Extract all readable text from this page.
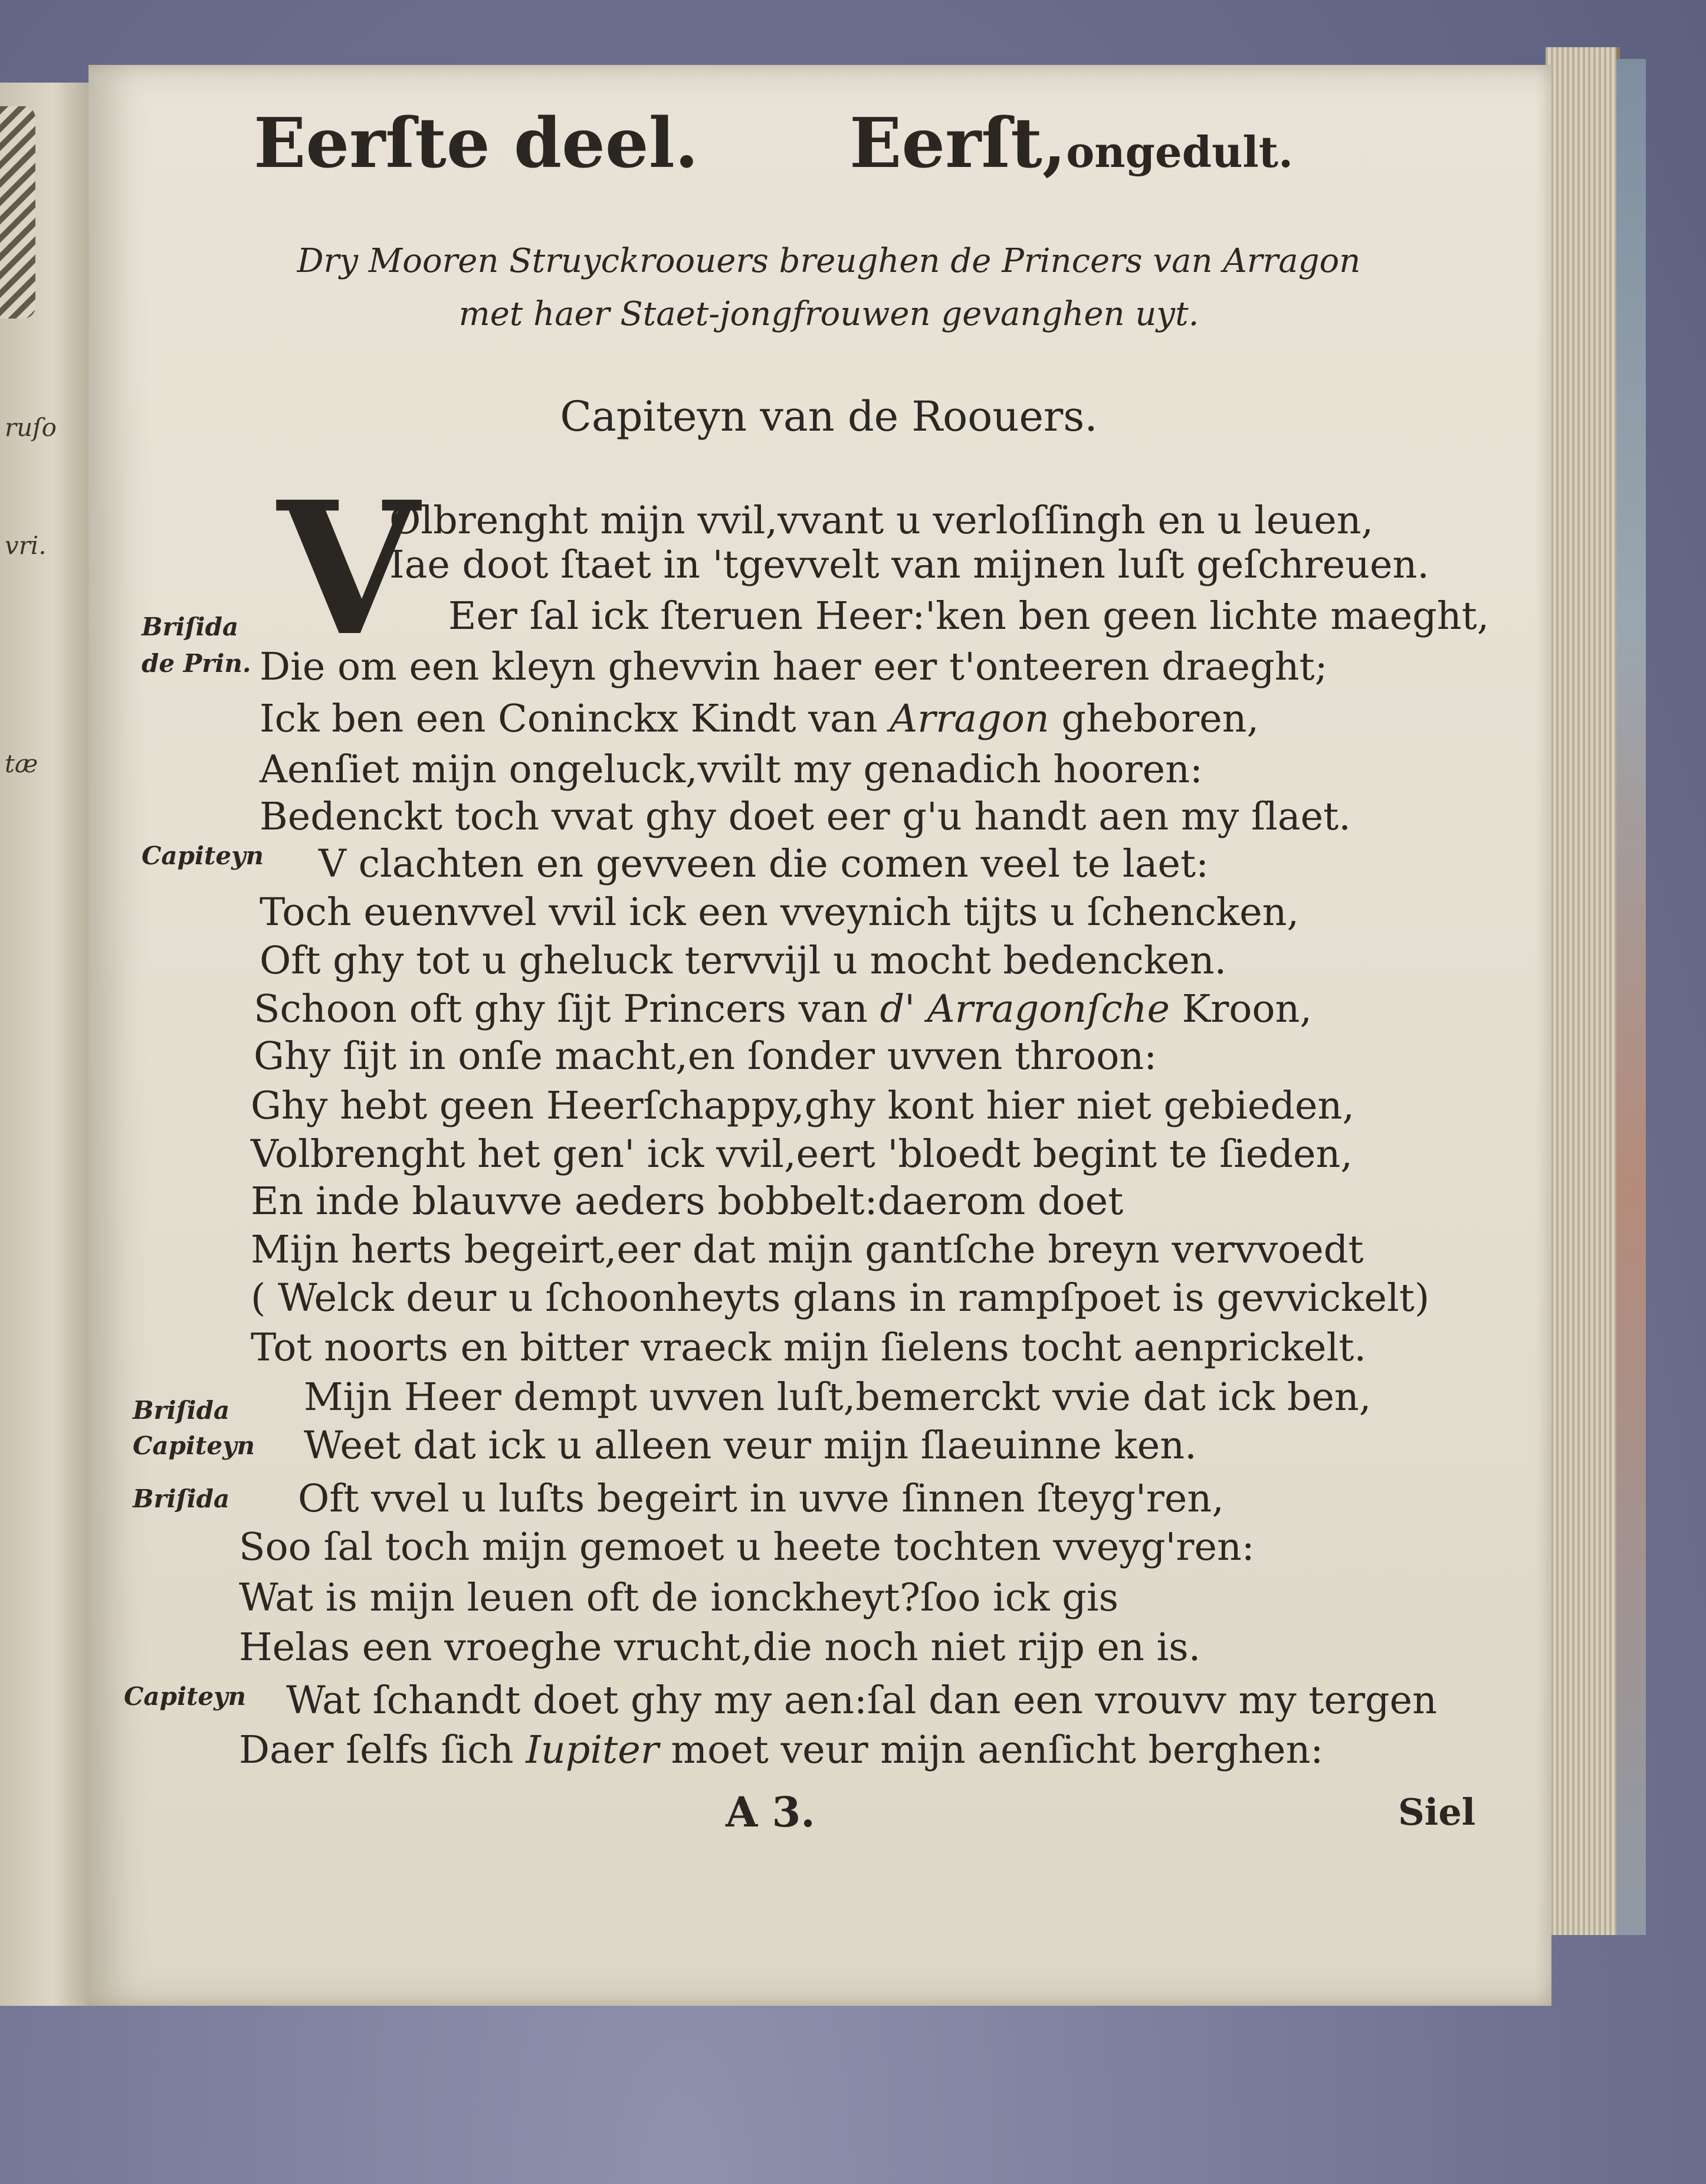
ruſo
vri.
tæ
Eerſte deel. Eerſt,ongedult.
Dry Mooren Struyckroouers breughen de Princers van Arragon
met haer Staet-jongfrouwen gevanghen uyt.
Capiteyn van de Roouers.
V
Briſida
de Prin.
Capiteyn
Briſida
Capiteyn
Briſida
Capiteyn
Olbrenght mijn vvil,vvant u verloſſingh en u leuen,
Iae doot ſtaet in 'tgevvelt van mijnen luſt geſchreuen.
Eer ſal ick ſteruen Heer:'ken ben geen lichte maeght,
Die om een kleyn ghevvin haer eer t'onteeren draeght;
Ick ben een Coninckx Kindt van Arragon gheboren,
Aenſiet mijn ongeluck,vvilt my genadich hooren:
Bedenckt toch vvat ghy doet eer g'u handt aen my ſlaet.
V clachten en gevveen die comen veel te laet:
Toch euenvvel vvil ick een vveynich tijts u ſchencken,
Oft ghy tot u gheluck tervvijl u mocht bedencken.
Schoon oft ghy ſijt Princers van d' Arragonſche Kroon,
Ghy ſijt in onſe macht,en ſonder uvven throon:
Ghy hebt geen Heerſchappy,ghy kont hier niet gebieden,
Volbrenght het gen' ick vvil,eert 'bloedt begint te ſieden,
En inde blauvve aeders bobbelt:daerom doet
Mijn herts begeirt,eer dat mijn gantſche breyn vervvoedt
( Welck deur u ſchoonheyts glans in rampſpoet is gevvickelt)
Tot noorts en bitter vraeck mijn ſielens tocht aenprickelt.
Mijn Heer dempt uvven luſt,bemerckt vvie dat ick ben,
Weet dat ick u alleen veur mijn ſlaeuinne ken.
Oft vvel u luſts begeirt in uvve ſinnen ſteyg'ren,
Soo ſal toch mijn gemoet u heete tochten vveyg'ren:
Wat is mijn leuen oft de ionckheyt?ſoo ick gis
Helas een vroeghe vrucht,die noch niet rijp en is.
Wat ſchandt doet ghy my aen:ſal dan een vrouvv my tergen
Daer ſelfs ſich Iupiter moet veur mijn aenſicht berghen:
A 3.	Siel
